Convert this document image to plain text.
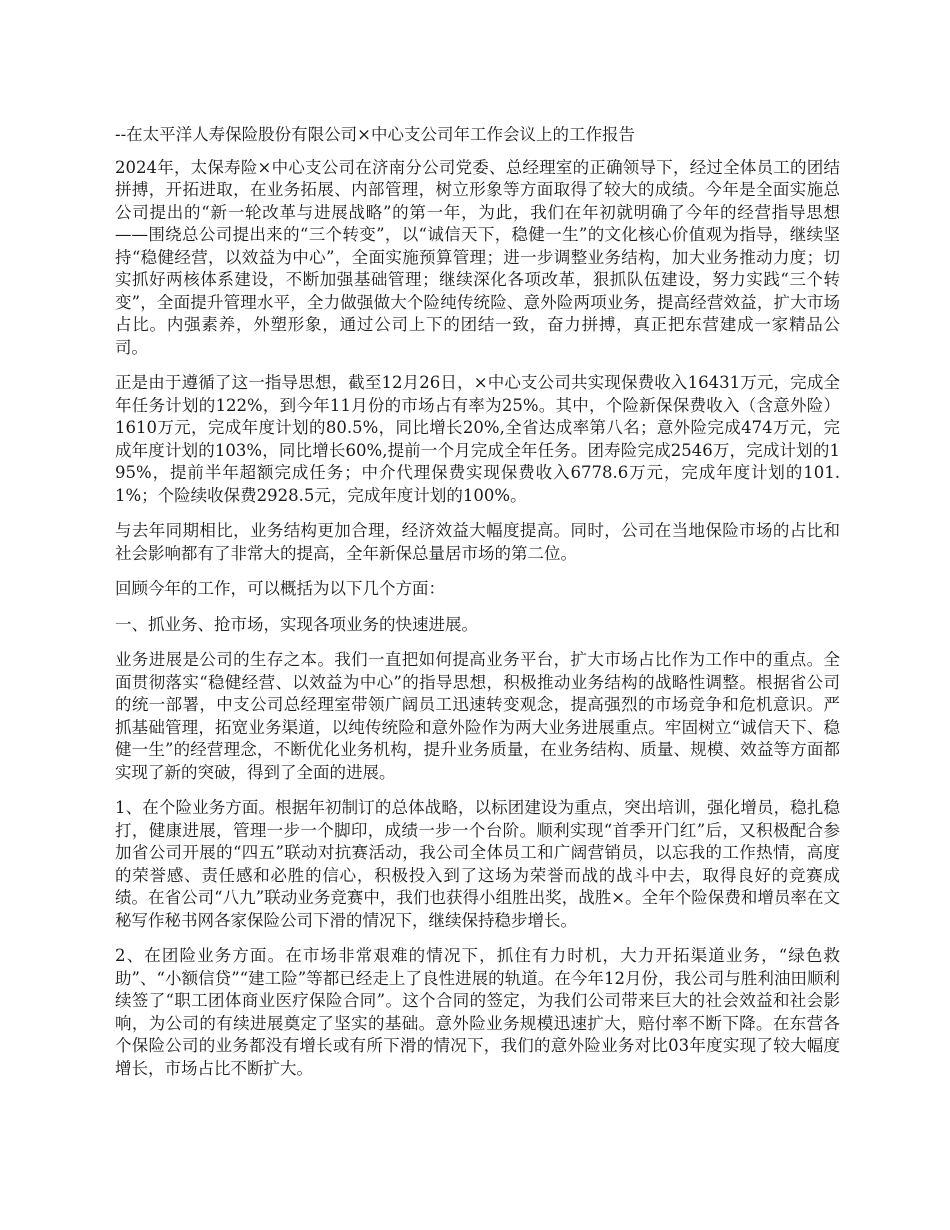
--在太平洋人寿保险股份有限公司×中心支公司年工作会议上的工作报告

2024年，太保寿险×中心支公司在济南分公司党委、总经理室的正确领导下，经过全体员工的团结拼搏，开拓进取，在业务拓展、内部管理，树立形象等方面取得了较大的成绩。今年是全面实施总公司提出的“新一轮改革与进展战略”的第一年，为此，我们在年初就明确了今年的经营指导思想——围绕总公司提出来的“三个转变”，以“诚信天下，稳健一生”的文化核心价值观为指导，继续坚持“稳健经营，以效益为中心”，全面实施预算管理；进一步调整业务结构，加大业务推动力度；切实抓好两核体系建设，不断加强基础管理；继续深化各项改革，狠抓队伍建设，努力实践“三个转变”，全面提升管理水平，全力做强做大个险纯传统险、意外险两项业务，提高经营效益，扩大市场占比。内强素养，外塑形象，通过公司上下的团结一致，奋力拼搏，真正把东营建成一家精品公司。

正是由于遵循了这一指导思想，截至12月26日，×中心支公司共实现保费收入16431万元，完成全年任务计划的122%，到今年11月份的市场占有率为25%。其中，个险新保保费收入（含意外险）1610万元，完成年度计划的80.5%，同比增长20%,全省达成率第八名；意外险完成474万元，完成年度计划的103%，同比增长60%,提前一个月完成全年任务。团寿险完成2546万，完成计划的195%，提前半年超额完成任务；中介代理保费实现保费收入6778.6万元，完成年度计划的101.1%；个险续收保费2928.5元，完成年度计划的100%。

与去年同期相比，业务结构更加合理，经济效益大幅度提高。同时，公司在当地保险市场的占比和社会影响都有了非常大的提高，全年新保总量居市场的第二位。

回顾今年的工作，可以概括为以下几个方面：

一、抓业务、抢市场，实现各项业务的快速进展。

业务进展是公司的生存之本。我们一直把如何提高业务平台，扩大市场占比作为工作中的重点。全面贯彻落实“稳健经营、以效益为中心”的指导思想，积极推动业务结构的战略性调整。根据省公司的统一部署，中支公司总经理室带领广阔员工迅速转变观念，提高强烈的市场竞争和危机意识。严抓基础管理，拓宽业务渠道，以纯传统险和意外险作为两大业务进展重点。牢固树立“诚信天下、稳健一生”的经营理念，不断优化业务机构，提升业务质量，在业务结构、质量、规模、效益等方面都实现了新的突破，得到了全面的进展。

1、在个险业务方面。根据年初制订的总体战略，以标团建设为重点，突出培训，强化增员，稳扎稳打，健康进展，管理一步一个脚印，成绩一步一个台阶。顺利实现“首季开门红”后，又积极配合参加省公司开展的“四五”联动对抗赛活动，我公司全体员工和广阔营销员，以忘我的工作热情，高度的荣誉感、责任感和必胜的信心，积极投入到了这场为荣誉而战的战斗中去，取得良好的竞赛成绩。在省公司“八九”联动业务竞赛中，我们也获得小组胜出奖，战胜×。全年个险保费和增员率在文秘写作秘书网各家保险公司下滑的情况下，继续保持稳步增长。

2、在团险业务方面。在市场非常艰难的情况下，抓住有力时机，大力开拓渠道业务，“绿色救助”、“小额信贷”“建工险”等都已经走上了良性进展的轨道。在今年12月份，我公司与胜利油田顺利续签了“职工团体商业医疗保险合同”。这个合同的签定，为我们公司带来巨大的社会效益和社会影响，为公司的有续进展奠定了坚实的基础。意外险业务规模迅速扩大，赔付率不断下降。在东营各个保险公司的业务都没有增长或有所下滑的情况下，我们的意外险业务对比03年度实现了较大幅度增长，市场占比不断扩大。
